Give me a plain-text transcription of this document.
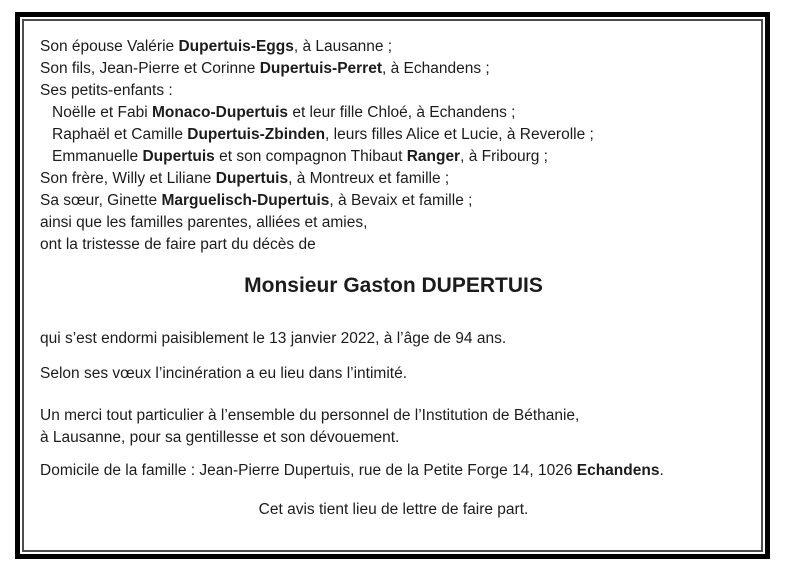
Son épouse Valérie Dupertuis-Eggs, à Lausanne ;
Son fils, Jean-Pierre et Corinne Dupertuis-Perret, à Echandens ;
Ses petits-enfants :
Noëlle et Fabi Monaco-Dupertuis et leur fille Chloé, à Echandens ;
Raphaël et Camille Dupertuis-Zbinden, leurs filles Alice et Lucie, à Reverolle ;
Emmanuelle Dupertuis et son compagnon Thibaut Ranger, à Fribourg ;
Son frère, Willy et Liliane Dupertuis, à Montreux et famille ;
Sa sœur, Ginette Marguelisch-Dupertuis, à Bevaix et famille ;
ainsi que les familles parentes, alliées et amies,
ont la tristesse de faire part du décès de
Monsieur Gaston DUPERTUIS
qui s’est endormi paisiblement le 13 janvier 2022, à l’âge de 94 ans.
Selon ses vœux l’incinération a eu lieu dans l’intimité.
Un merci tout particulier à l’ensemble du personnel de l’Institution de Béthanie,
à Lausanne, pour sa gentillesse et son dévouement.
Domicile de la famille : Jean-Pierre Dupertuis, rue de la Petite Forge 14, 1026 Echandens.
Cet avis tient lieu de lettre de faire part.
